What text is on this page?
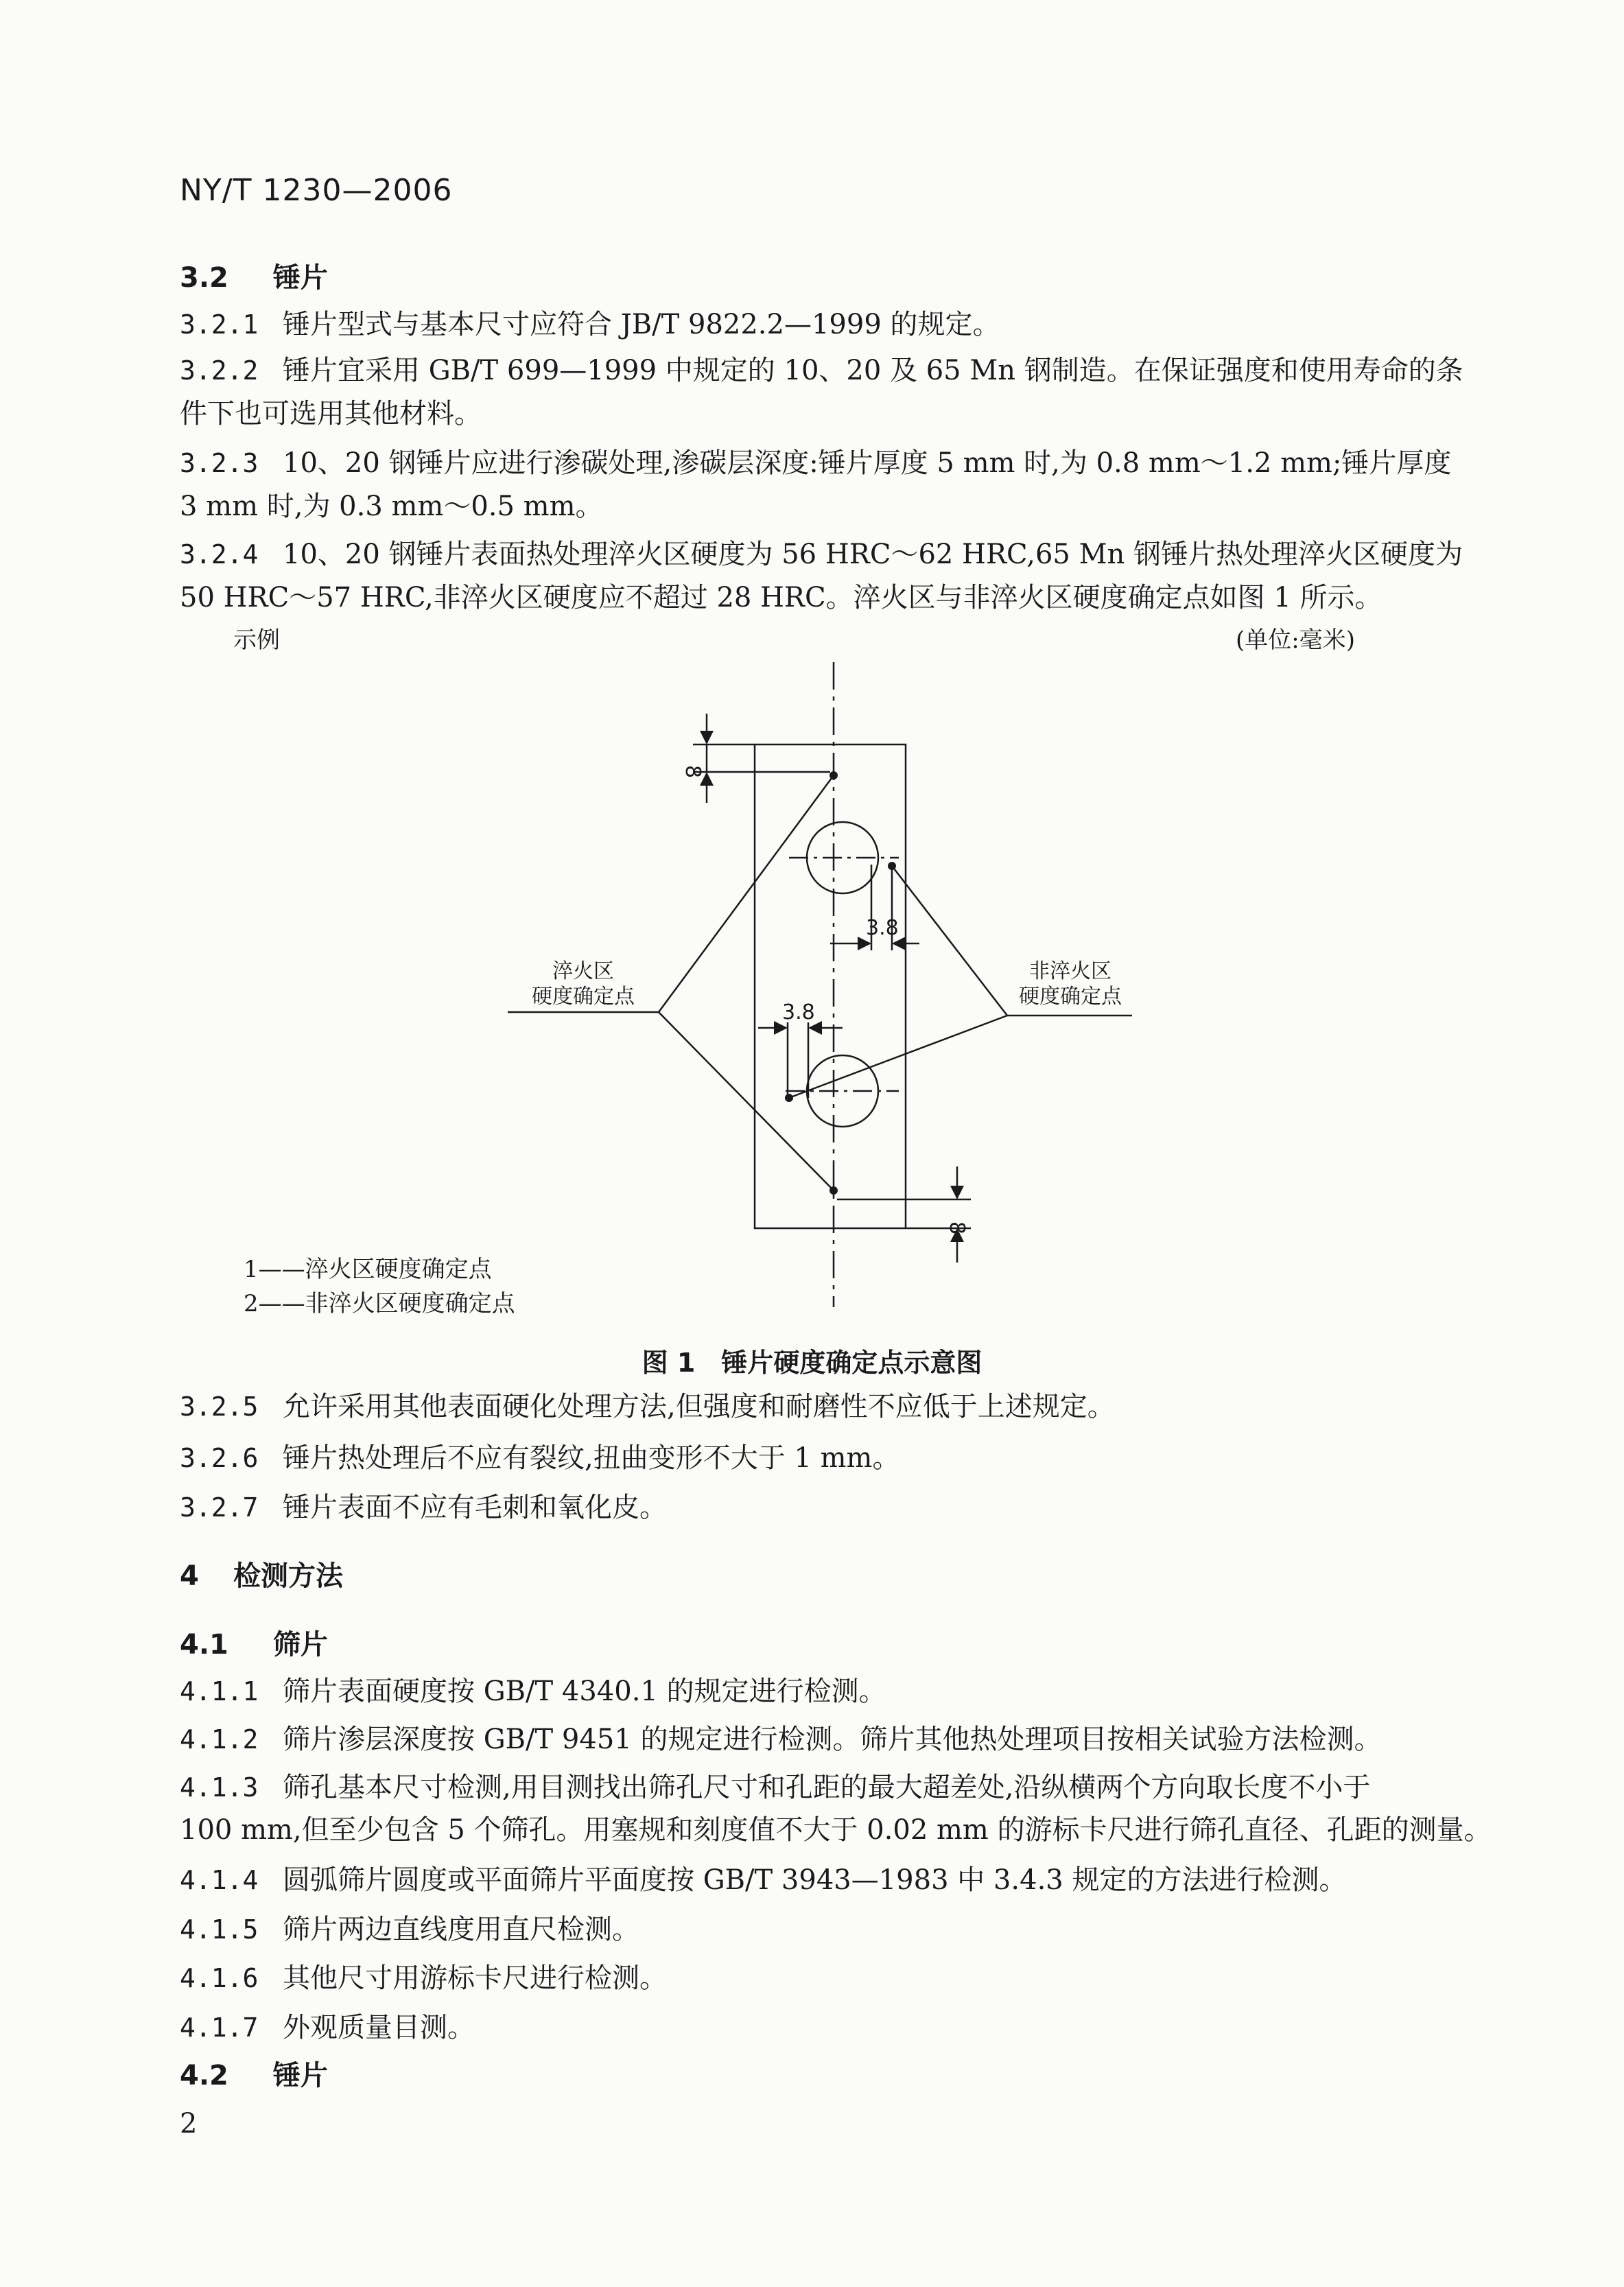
NY/T 1230—2006
3.2 锤片
3.2.1 锤片型式与基本尺寸应符合 JB/T 9822.2—1999 的规定。
3.2.2 锤片宜采用 GB/T 699—1999 中规定的 10、20 及 65 Mn 钢制造。在保证强度和使用寿命的条
件下也可选用其他材料。
3.2.3 10、20 钢锤片应进行渗碳处理,渗碳层深度:锤片厚度 5 mm 时,为 0.8 mm～1.2 mm;锤片厚度
3 mm 时,为 0.3 mm～0.5 mm。
3.2.4 10、20 钢锤片表面热处理淬火区硬度为 56 HRC～62 HRC,65 Mn 钢锤片热处理淬火区硬度为
50 HRC～57 HRC,非淬火区硬度应不超过 28 HRC。淬火区与非淬火区硬度确定点如图 1 所示。
示例	(单位:毫米)
8
8
3.8
3.8
淬火区
硬度确定点
非淬火区
硬度确定点
1——淬火区硬度确定点
2——非淬火区硬度确定点
图 1　锤片硬度确定点示意图
3.2.5 允许采用其他表面硬化处理方法,但强度和耐磨性不应低于上述规定。
3.2.6 锤片热处理后不应有裂纹,扭曲变形不大于 1 mm。
3.2.7 锤片表面不应有毛刺和氧化皮。
4 检测方法
4.1 筛片
4.1.1 筛片表面硬度按 GB/T 4340.1 的规定进行检测。
4.1.2 筛片渗层深度按 GB/T 9451 的规定进行检测。筛片其他热处理项目按相关试验方法检测。
4.1.3 筛孔基本尺寸检测,用目测找出筛孔尺寸和孔距的最大超差处,沿纵横两个方向取长度不小于
100 mm,但至少包含 5 个筛孔。用塞规和刻度值不大于 0.02 mm 的游标卡尺进行筛孔直径、孔距的测量。
4.1.4 圆弧筛片圆度或平面筛片平面度按 GB/T 3943—1983 中 3.4.3 规定的方法进行检测。
4.1.5 筛片两边直线度用直尺检测。
4.1.6 其他尺寸用游标卡尺进行检测。
4.1.7 外观质量目测。
4.2 锤片
2
